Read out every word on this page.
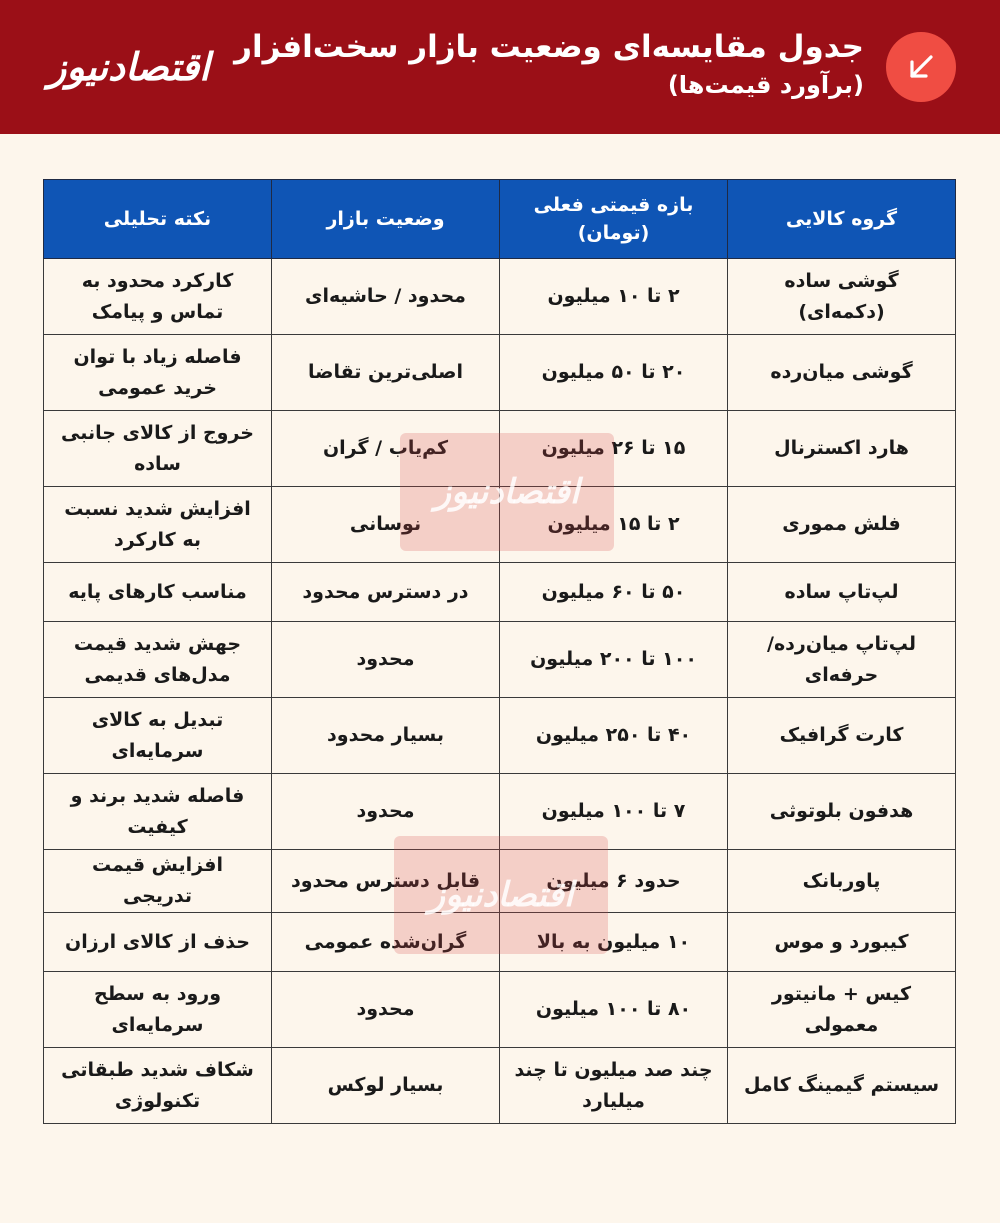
جدول مقایسه‌ای وضعیت بازار سخت‌افزار
(برآورد قیمت‌ها)
اقتصادنیوز
گروه کالایی	بازه قیمتی فعلی (تومان)	وضعیت بازار	نکته تحلیلی
گوشی ساده (دکمه‌ای)	۲ تا ۱۰ میلیون	محدود / حاشیه‌ای	کارکرد محدود به تماس و پیامک
گوشی میان‌رده	۲۰ تا ۵۰ میلیون	اصلی‌ترین تقاضا	فاصله زیاد با توان خرید عمومی
هارد اکسترنال	۱۵ تا ۲۶ میلیون	کم‌یاب / گران	خروج از کالای جانبی ساده
فلش مموری	۲ تا ۱۵ میلیون	نوسانی	افزایش شدید نسبت به کارکرد
لپ‌تاپ ساده	۵۰ تا ۶۰ میلیون	در دسترس محدود	مناسب کارهای پایه
لپ‌تاپ میان‌رده/ حرفه‌ای	۱۰۰ تا ۲۰۰ میلیون	محدود	جهش شدید قیمت مدل‌های قدیمی
کارت گرافیک	۴۰ تا ۲۵۰ میلیون	بسیار محدود	تبدیل به کالای سرمایه‌ای
هدفون بلوتوثی	۷ تا ۱۰۰ میلیون	محدود	فاصله شدید برند و کیفیت
پاوربانک	حدود ۶ میلیون	قابل دسترس محدود	افزایش قیمت تدریجی
کیبورد و موس	۱۰ میلیون به بالا	گران‌شده عمومی	حذف از کالای ارزان
کیس + مانیتور معمولی	۸۰ تا ۱۰۰ میلیون	محدود	ورود به سطح سرمایه‌ای
سیستم گیمینگ کامل	چند صد میلیون تا چند میلیارد	بسیار لوکس	شکاف شدید طبقاتی تکنولوژی
اقتصادنیوز
اقتصادنیوز
